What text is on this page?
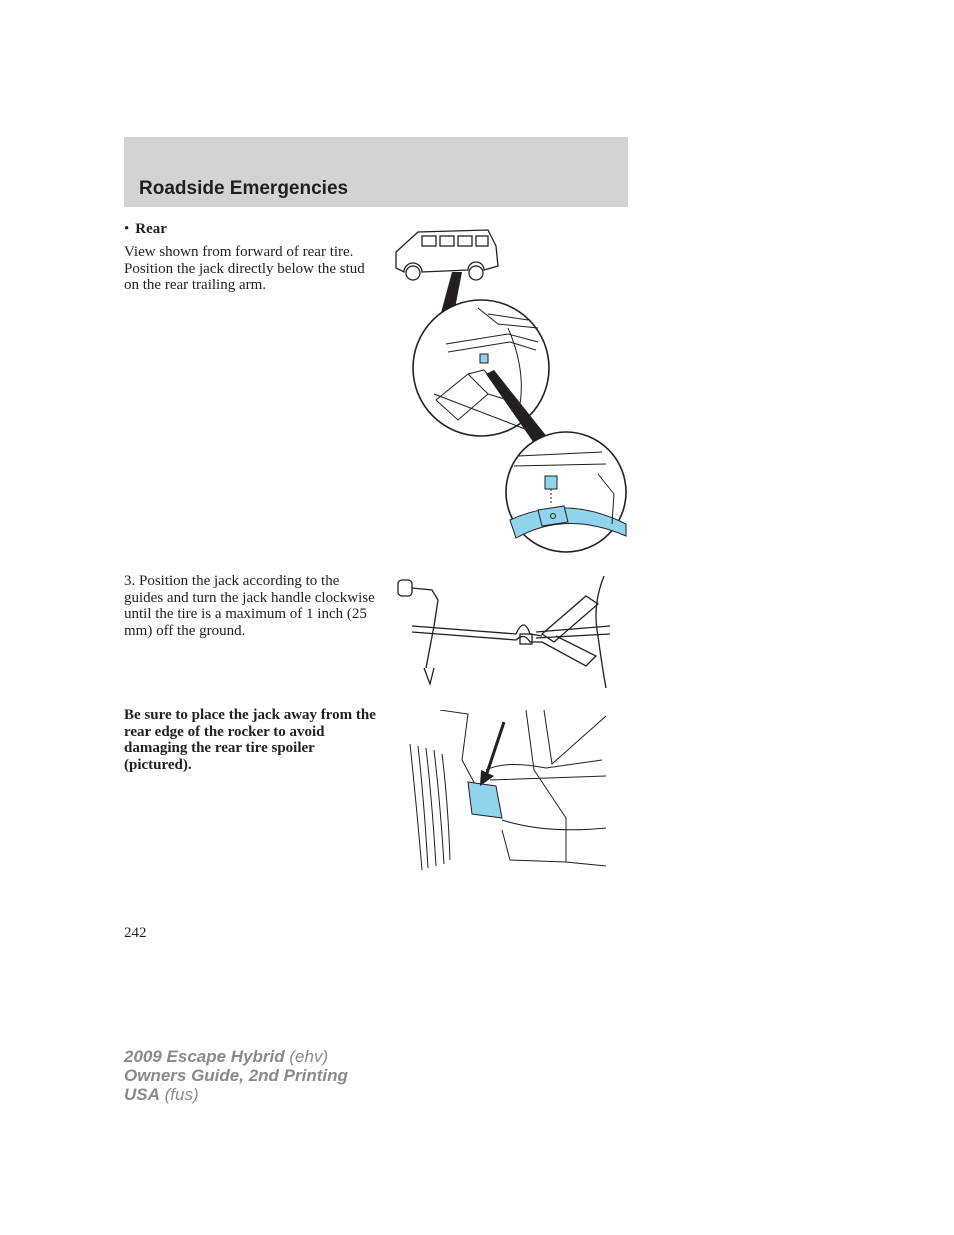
Roadside Emergencies
• Rear
View shown from forward of rear tire. Position the jack directly below the stud on the rear trailing arm.
3. Position the jack according to the guides and turn the jack handle clockwise until the tire is a maximum of 1 inch (25 mm) off the ground.
Be sure to place the jack away from the rear edge of the rocker to avoid damaging the rear tire spoiler (pictured).
242
2009 Escape Hybrid (ehv)
Owners Guide, 2nd Printing
USA (fus)
